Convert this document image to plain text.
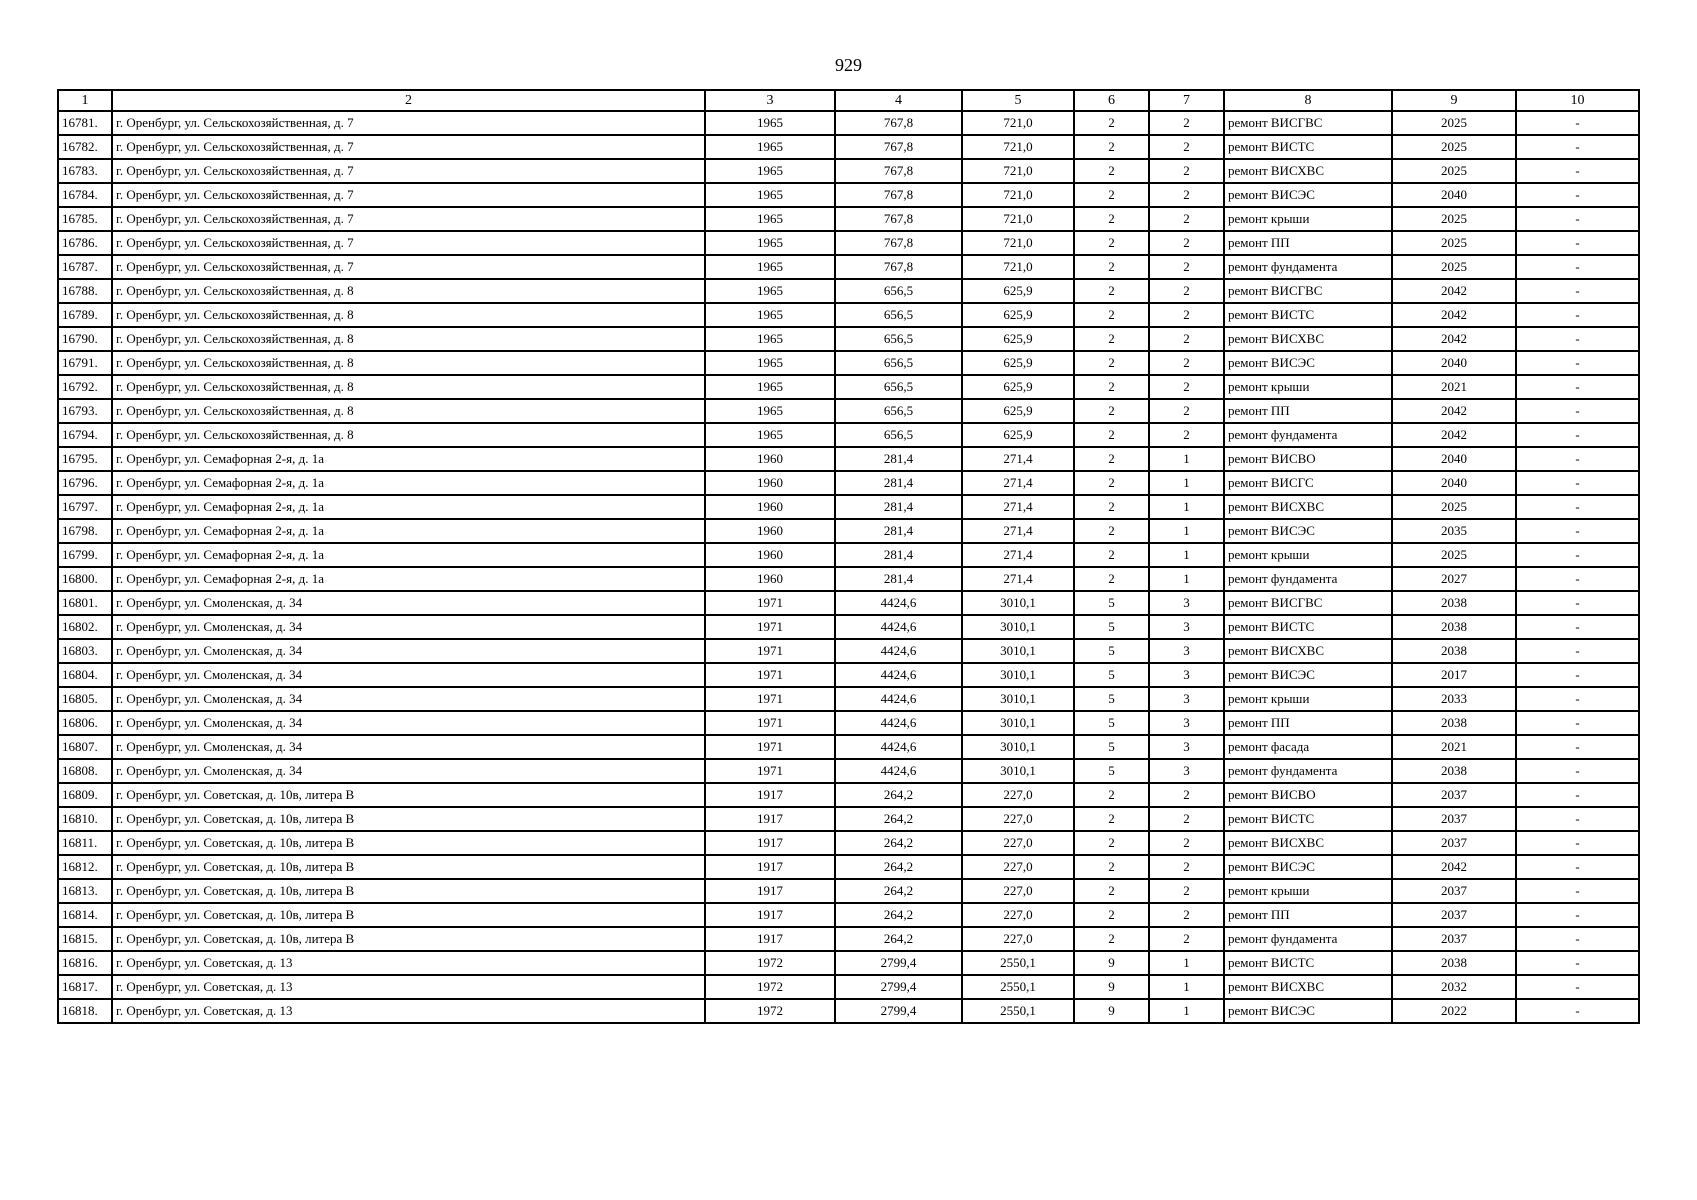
929
1	2	3	4	5	6	7	8	9	10
16781.	г. Оренбург, ул. Сельскохозяйственная, д. 7	1965	767,8	721,0	2	2	ремонт ВИСГВС	2025	-
16782.	г. Оренбург, ул. Сельскохозяйственная, д. 7	1965	767,8	721,0	2	2	ремонт ВИСТС	2025	-
16783.	г. Оренбург, ул. Сельскохозяйственная, д. 7	1965	767,8	721,0	2	2	ремонт ВИСХВС	2025	-
16784.	г. Оренбург, ул. Сельскохозяйственная, д. 7	1965	767,8	721,0	2	2	ремонт ВИСЭС	2040	-
16785.	г. Оренбург, ул. Сельскохозяйственная, д. 7	1965	767,8	721,0	2	2	ремонт крыши	2025	-
16786.	г. Оренбург, ул. Сельскохозяйственная, д. 7	1965	767,8	721,0	2	2	ремонт ПП	2025	-
16787.	г. Оренбург, ул. Сельскохозяйственная, д. 7	1965	767,8	721,0	2	2	ремонт фундамента	2025	-
16788.	г. Оренбург, ул. Сельскохозяйственная, д. 8	1965	656,5	625,9	2	2	ремонт ВИСГВС	2042	-
16789.	г. Оренбург, ул. Сельскохозяйственная, д. 8	1965	656,5	625,9	2	2	ремонт ВИСТС	2042	-
16790.	г. Оренбург, ул. Сельскохозяйственная, д. 8	1965	656,5	625,9	2	2	ремонт ВИСХВС	2042	-
16791.	г. Оренбург, ул. Сельскохозяйственная, д. 8	1965	656,5	625,9	2	2	ремонт ВИСЭС	2040	-
16792.	г. Оренбург, ул. Сельскохозяйственная, д. 8	1965	656,5	625,9	2	2	ремонт крыши	2021	-
16793.	г. Оренбург, ул. Сельскохозяйственная, д. 8	1965	656,5	625,9	2	2	ремонт ПП	2042	-
16794.	г. Оренбург, ул. Сельскохозяйственная, д. 8	1965	656,5	625,9	2	2	ремонт фундамента	2042	-
16795.	г. Оренбург, ул. Семафорная 2-я, д. 1а	1960	281,4	271,4	2	1	ремонт ВИСВО	2040	-
16796.	г. Оренбург, ул. Семафорная 2-я, д. 1а	1960	281,4	271,4	2	1	ремонт ВИСГС	2040	-
16797.	г. Оренбург, ул. Семафорная 2-я, д. 1а	1960	281,4	271,4	2	1	ремонт ВИСХВС	2025	-
16798.	г. Оренбург, ул. Семафорная 2-я, д. 1а	1960	281,4	271,4	2	1	ремонт ВИСЭС	2035	-
16799.	г. Оренбург, ул. Семафорная 2-я, д. 1а	1960	281,4	271,4	2	1	ремонт крыши	2025	-
16800.	г. Оренбург, ул. Семафорная 2-я, д. 1а	1960	281,4	271,4	2	1	ремонт фундамента	2027	-
16801.	г. Оренбург, ул. Смоленская, д. 34	1971	4424,6	3010,1	5	3	ремонт ВИСГВС	2038	-
16802.	г. Оренбург, ул. Смоленская, д. 34	1971	4424,6	3010,1	5	3	ремонт ВИСТС	2038	-
16803.	г. Оренбург, ул. Смоленская, д. 34	1971	4424,6	3010,1	5	3	ремонт ВИСХВС	2038	-
16804.	г. Оренбург, ул. Смоленская, д. 34	1971	4424,6	3010,1	5	3	ремонт ВИСЭС	2017	-
16805.	г. Оренбург, ул. Смоленская, д. 34	1971	4424,6	3010,1	5	3	ремонт крыши	2033	-
16806.	г. Оренбург, ул. Смоленская, д. 34	1971	4424,6	3010,1	5	3	ремонт ПП	2038	-
16807.	г. Оренбург, ул. Смоленская, д. 34	1971	4424,6	3010,1	5	3	ремонт фасада	2021	-
16808.	г. Оренбург, ул. Смоленская, д. 34	1971	4424,6	3010,1	5	3	ремонт фундамента	2038	-
16809.	г. Оренбург, ул. Советская, д. 10в, литера В	1917	264,2	227,0	2	2	ремонт ВИСВО	2037	-
16810.	г. Оренбург, ул. Советская, д. 10в, литера В	1917	264,2	227,0	2	2	ремонт ВИСТС	2037	-
16811.	г. Оренбург, ул. Советская, д. 10в, литера В	1917	264,2	227,0	2	2	ремонт ВИСХВС	2037	-
16812.	г. Оренбург, ул. Советская, д. 10в, литера В	1917	264,2	227,0	2	2	ремонт ВИСЭС	2042	-
16813.	г. Оренбург, ул. Советская, д. 10в, литера В	1917	264,2	227,0	2	2	ремонт крыши	2037	-
16814.	г. Оренбург, ул. Советская, д. 10в, литера В	1917	264,2	227,0	2	2	ремонт ПП	2037	-
16815.	г. Оренбург, ул. Советская, д. 10в, литера В	1917	264,2	227,0	2	2	ремонт фундамента	2037	-
16816.	г. Оренбург, ул. Советская, д. 13	1972	2799,4	2550,1	9	1	ремонт ВИСТС	2038	-
16817.	г. Оренбург, ул. Советская, д. 13	1972	2799,4	2550,1	9	1	ремонт ВИСХВС	2032	-
16818.	г. Оренбург, ул. Советская, д. 13	1972	2799,4	2550,1	9	1	ремонт ВИСЭС	2022	-
